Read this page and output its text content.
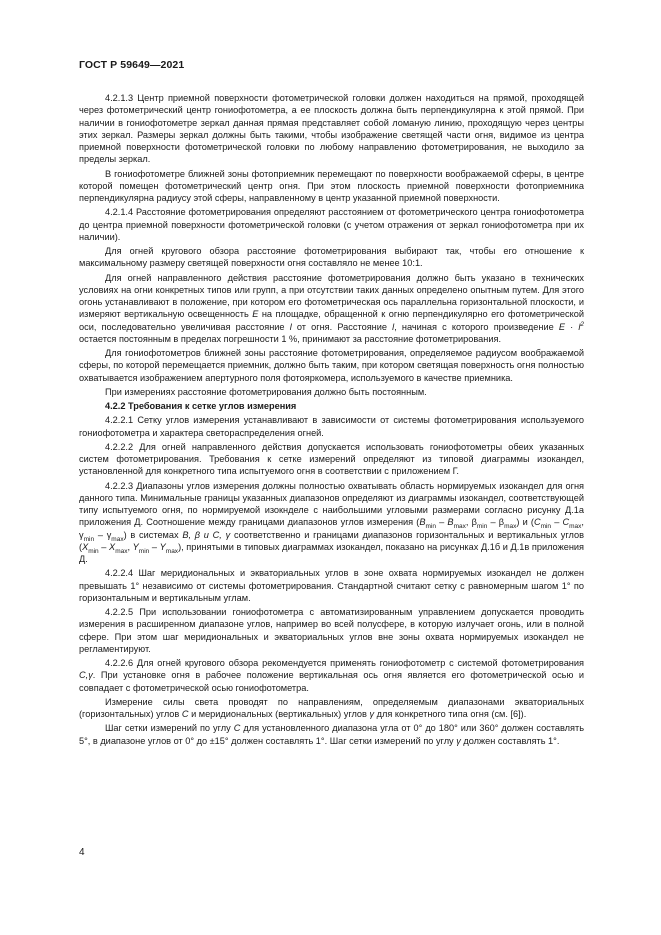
ГОСТ Р 59649—2021

4.2.1.3 Центр приемной поверхности фотометрической головки должен находиться на прямой, проходящей через фотометрический центр гониофотометра, а ее плоскость должна быть перпендикулярна к этой прямой. При наличии в гониофотометре зеркал данная прямая представляет собой ломаную линию, проходящую через центры этих зеркал. Размеры зеркал должны быть такими, чтобы изображение светящей части огня, видимое из центра приемной поверхности фотометрической головки по любому направлению фотометрирования, не выходило за пределы зеркал.

В гониофотометре ближней зоны фотоприемник перемещают по поверхности воображаемой сферы, в центре которой помещен фотометрический центр огня. При этом плоскость приемной поверхности фотоприемника перпендикулярна радиусу этой сферы, направленному в центр указанной приемной поверхности.

4.2.1.4 Расстояние фотометрирования определяют расстоянием от фотометрического центра гониофотометра до центра приемной поверхности фотометрической головки (с учетом отражения от зеркал гониофотометра при их наличии).

Для огней кругового обзора расстояние фотометрирования выбирают так, чтобы его отношение к максимальному размеру светящей поверхности огня составляло не менее 10:1.

Для огней направленного действия расстояние фотометрирования должно быть указано в технических условиях на огни конкретных типов или групп, а при отсутствии таких данных определено опытным путем. Для этого огонь устанавливают в положение, при котором его фотометрическая ось параллельна горизонтальной плоскости, и измеряют вертикальную освещенность E на площадке, обращенной к огню перпендикулярно его фотометрической оси, последовательно увеличивая расстояние l от огня. Расстояние l, начиная с которого произведение $E \cdot l^2$ остается постоянным в пределах погрешности 1 %, принимают за расстояние фотометрирования.

Для гониофотометров ближней зоны расстояние фотометрирования, определяемое радиусом воображаемой сферы, по которой перемещается приемник, должно быть таким, при котором светящая поверхность огня полностью охватывается изображением апертурного поля фотояркомера, используемого в качестве приемника.

При измерениях расстояние фотометрирования должно быть постоянным.

4.2.2 Требования к сетке углов измерения

4.2.2.1 Сетку углов измерения устанавливают в зависимости от системы фотометрирования используемого гониофотометра и характера светораспределения огней.

4.2.2.2 Для огней направленного действия допускается использовать гониофотометры обеих указанных систем фотометрирования. Требования к сетке измерений определяют из типовой диаграммы изокандел, установленной для конкретного типа испытуемого огня в соответствии с приложением Г.

4.2.2.3 Диапазоны углов измерения должны полностью охватывать область нормируемых изокандел для огня данного типа. Минимальные границы указанных диапазонов определяют из диаграммы изокандел, соответствующей типу испытуемого огня, по нормируемой изокнделе с наибольшими угловыми размерами согласно рисунку Д.1а приложения Д. Соотношение между границами диапазонов углов измерения ($B_{min} - B_{max}$, $\beta_{min} - \beta_{max}$) и ($C_{min} - C_{max}$, $\gamma_{min} - \gamma_{max}$) в системах B, β и C, γ соответственно и границами диапазонов горизонтальных и вертикальных углов ($X_{min} - X_{max}$, $Y_{min} - Y_{max}$), принятыми в типовых диаграммах изокандел, показано на рисунках Д.1б и Д.1в приложения Д.

4.2.2.4 Шаг меридиональных и экваториальных углов в зоне охвата нормируемых изокандел не должен превышать 1° независимо от системы фотометрирования. Стандартной считают сетку с равномерным шагом 1° по горизонтальным и вертикальным углам.

4.2.2.5 При использовании гониофотометра с автоматизированным управлением допускается проводить измерения в расширенном диапазоне углов, например во всей полусфере, в которую излучает огонь, или в полной сфере. При этом шаг меридиональных и экваториальных углов вне зоны охвата нормируемых изокандел не регламентируют.

4.2.2.6 Для огней кругового обзора рекомендуется применять гониофотометр с системой фотометрирования C,γ. При установке огня в рабочее положение вертикальная ось огня является его фотометрической осью и совпадает с фотометрической осью гониофотометра.

Измерение силы света проводят по направлениям, определяемым диапазонами экваториальных (горизонтальных) углов C и меридиональных (вертикальных) углов γ для конкретного типа огня (см. [6]).

Шаг сетки измерений по углу C для установленного диапазона угла от 0° до 180° или 360° должен составлять 5°, в диапазоне углов от 0° до ±15° должен составлять 1°. Шаг сетки измерений по углу γ должен составлять 1°.

4
